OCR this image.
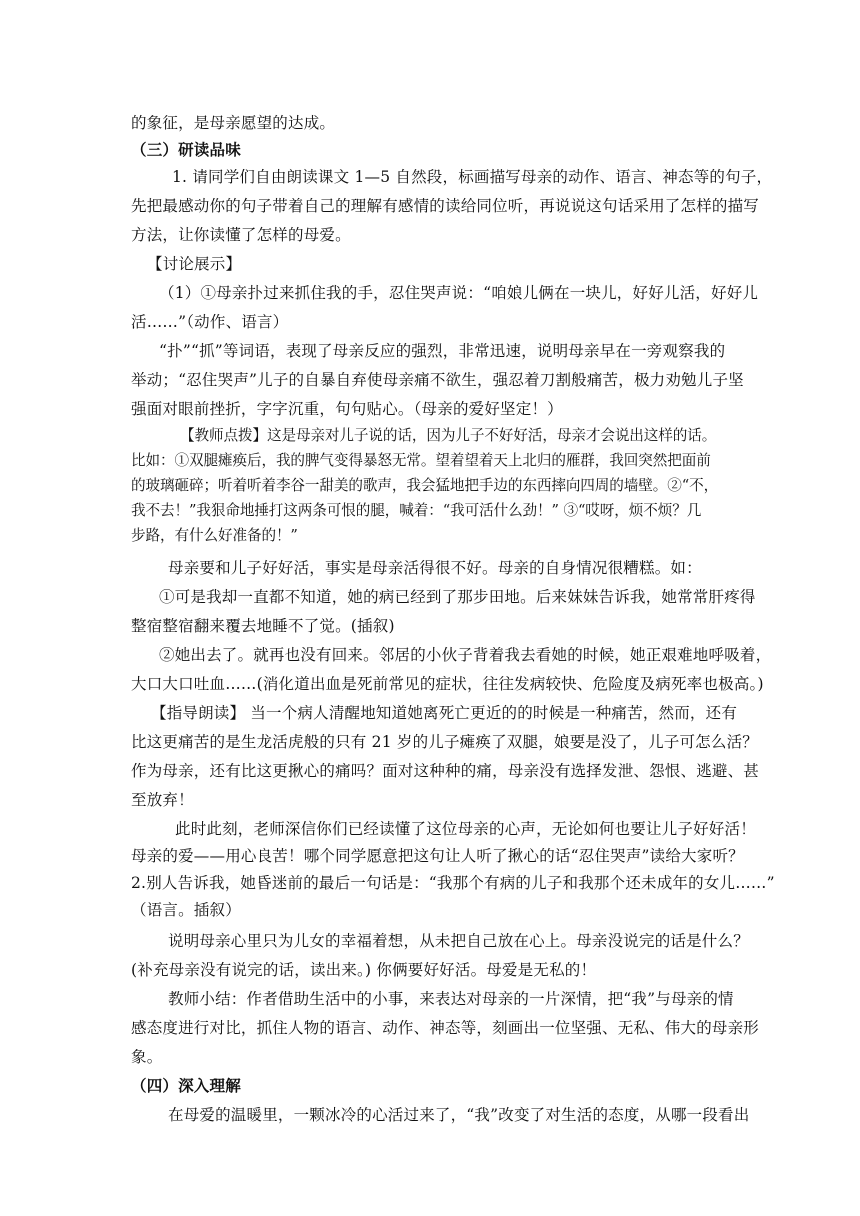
的象征，是母亲愿望的达成。
（三）研读品味
1. 请同学们自由朗读课文 1—5 自然段，标画描写母亲的动作、语言、神态等的句子，
先把最感动你的句子带着自己的理解有感情的读给同位听，再说说这句话采用了怎样的描写
方法，让你读懂了怎样的母爱。
【讨论展示】
（1）①母亲扑过来抓住我的手，忍住哭声说：“咱娘儿俩在一块儿，好好儿活，好好儿
活……”（动作、语言）
“扑”“抓”等词语，表现了母亲反应的强烈，非常迅速，说明母亲早在一旁观察我的
举动；“忍住哭声”儿子的自暴自弃使母亲痛不欲生，强忍着刀割般痛苦，极力劝勉儿子坚
强面对眼前挫折，字字沉重，句句贴心。（母亲的爱好坚定！）
【教师点拨】这是母亲对儿子说的话，因为儿子不好好活，母亲才会说出这样的话。
比如：①双腿瘫痪后，我的脾气变得暴怒无常。望着望着天上北归的雁群，我回突然把面前
的玻璃砸碎；听着听着李谷一甜美的歌声，我会猛地把手边的东西摔向四周的墙壁。②“不，
我不去！”我狠命地捶打这两条可恨的腿，喊着：“我可活什么劲！” ③“哎呀，烦不烦？几
步路，有什么好准备的！”
母亲要和儿子好好活，事实是母亲活得很不好。母亲的自身情况很糟糕。如：
①可是我却一直都不知道，她的病已经到了那步田地。后来妹妹告诉我，她常常肝疼得
整宿整宿翻来覆去地睡不了觉。(插叙)
②她出去了。就再也没有回来。邻居的小伙子背着我去看她的时候，她正艰难地呼吸着，
大口大口吐血……(消化道出血是死前常见的症状，往往发病较快、危险度及病死率也极高。)
【指导朗读】 当一个病人清醒地知道她离死亡更近的的时候是一种痛苦，然而，还有
比这更痛苦的是生龙活虎般的只有 21 岁的儿子瘫痪了双腿，娘要是没了，儿子可怎么活？
作为母亲，还有比这更揪心的痛吗？面对这种种的痛，母亲没有选择发泄、怨恨、逃避、甚
至放弃！
此时此刻，老师深信你们已经读懂了这位母亲的心声，无论如何也要让儿子好好活！
母亲的爱——用心良苦！哪个同学愿意把这句让人听了揪心的话“忍住哭声”读给大家听？
2.别人告诉我，她昏迷前的最后一句话是：“我那个有病的儿子和我那个还未成年的女儿……”
（语言。插叙）
说明母亲心里只为儿女的幸福着想，从未把自己放在心上。母亲没说完的话是什么？
(补充母亲没有说完的话，读出来。) 你俩要好好活。母爱是无私的！
教师小结：作者借助生活中的小事，来表达对母亲的一片深情，把“我”与母亲的情
感态度进行对比，抓住人物的语言、动作、神态等，刻画出一位坚强、无私、伟大的母亲形
象。
（四）深入理解
在母爱的温暖里，一颗冰冷的心活过来了，“我”改变了对生活的态度，从哪一段看出
